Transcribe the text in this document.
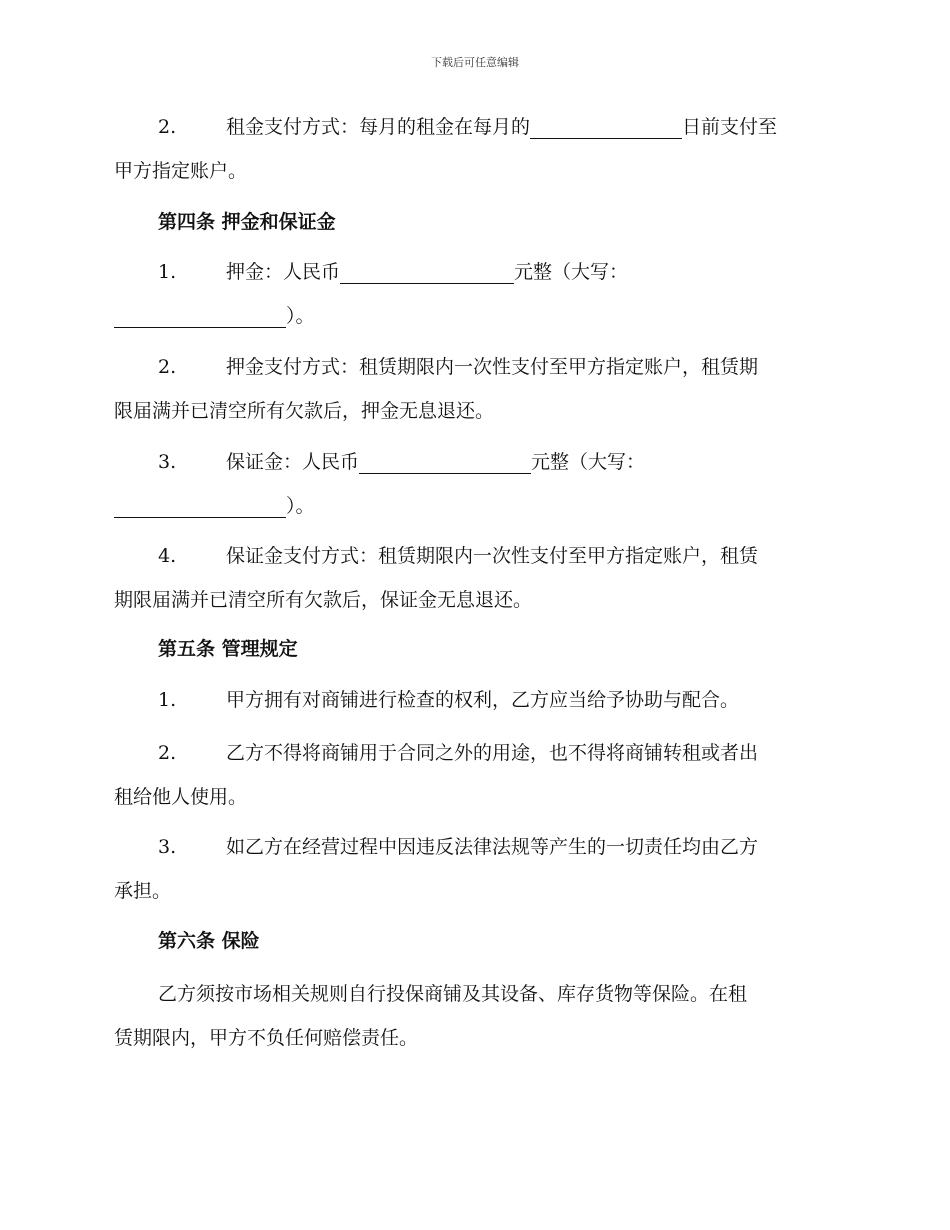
下载后可任意编辑
2.	租金支付方式：每月的租金在每月的	日前支付至
甲方指定账户。
第四条 押金和保证金
1.	押金：人民币	元整（大写：
）。
2.	押金支付方式：租赁期限内一次性支付至甲方指定账户，租赁期
限届满并已清空所有欠款后，押金无息退还。
3.	保证金：人民币	元整（大写：
）。
4.	保证金支付方式：租赁期限内一次性支付至甲方指定账户，租赁
期限届满并已清空所有欠款后，保证金无息退还。
第五条 管理规定
1.	甲方拥有对商铺进行检查的权利，乙方应当给予协助与配合。
2.	乙方不得将商铺用于合同之外的用途，也不得将商铺转租或者出
租给他人使用。
3.	如乙方在经营过程中因违反法律法规等产生的一切责任均由乙方
承担。
第六条 保险
乙方须按市场相关规则自行投保商铺及其设备、库存货物等保险。在租
赁期限内，甲方不负任何赔偿责任。
